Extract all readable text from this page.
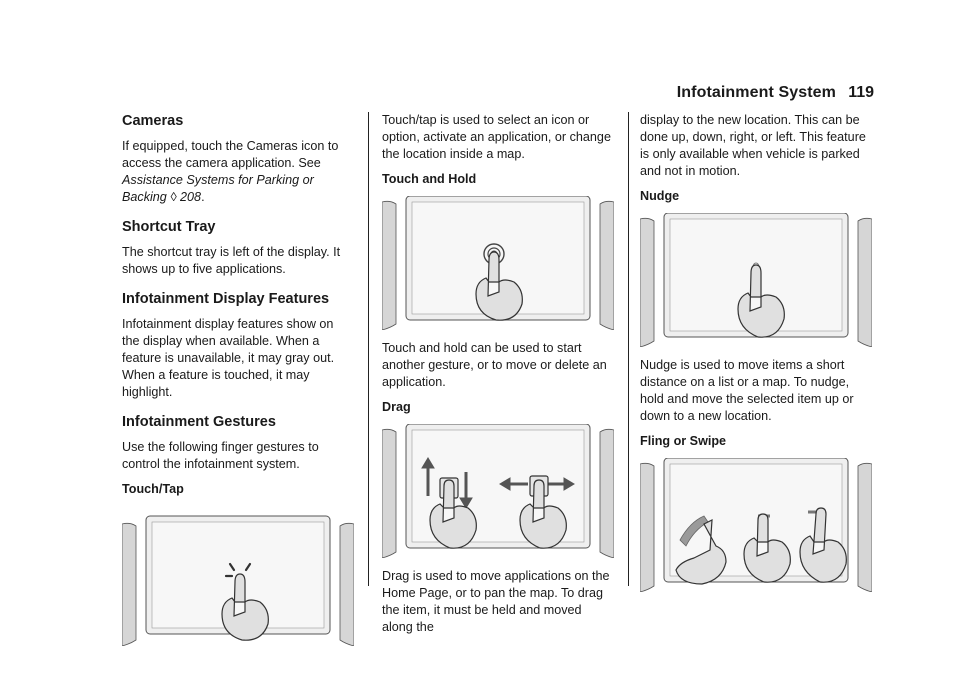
Infotainment System 119
Cameras

If equipped, touch the Cameras icon to access the camera application. See Assistance Systems for Parking or Backing ◊ 208.

Shortcut Tray

The shortcut tray is left of the display. It shows up to five applications.

Infotainment Display Features

Infotainment display features show on the display when available. When a feature is unavailable, it may gray out. When a feature is touched, it may highlight.

Infotainment Gestures

Use the following finger gestures to control the infotainment system.

Touch/Tap

Touch/tap is used to select an icon or option, activate an application, or change the location inside a map.

Touch and Hold

Touch and hold can be used to start another gesture, or to move or delete an application.

Drag

Drag is used to move applications on the Home Page, or to pan the map. To drag the item, it must be held and moved along the

display to the new location. This can be done up, down, right, or left. This feature is only available when vehicle is parked and not in motion.

Nudge

Nudge is used to move items a short distance on a list or a map. To nudge, hold and move the selected item up or down to a new location.

Fling or Swipe
